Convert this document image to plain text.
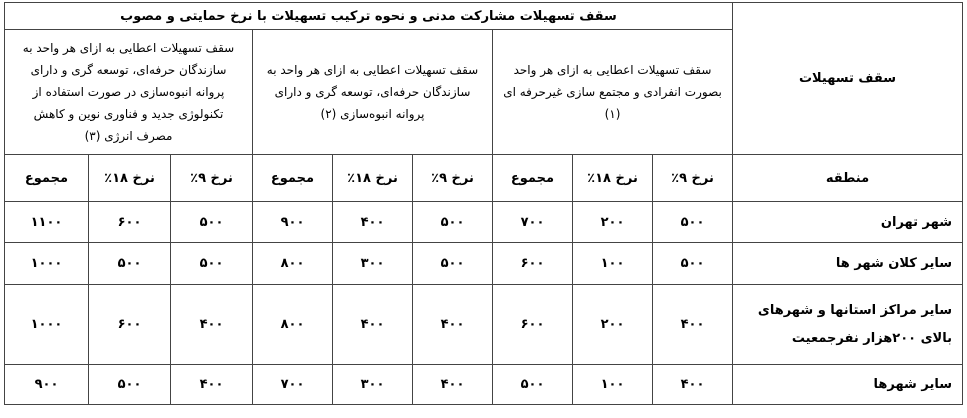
سقف تسهیلات	سقف تسهیلات مشارکت مدنی و نحوه ترکیب تسهیلات با نرخ حمایتی و مصوب								
	سقف تسهیلات اعطایی به ازای هر واحد بصورت انفرادی و مجتمع سازی غیرحرفه ای (۱)			سقف تسهیلات اعطایی به ازای هر واحد به سازندگان حرفه‌ای، توسعه گری و دارای پروانه انبوه‌سازی (۲)			سقف تسهیلات اعطایی به ازای هر واحد به سازندگان حرفه‌ای، توسعه گری و دارای پروانه انبوه‌سازی در صورت استفاده از تکنولوژی جدید و فناوری نوین و کاهش مصرف انرژی (۳)		
منطقه	نرخ ۹٪	نرخ ۱۸٪	مجموع	نرخ ۹٪	نرخ ۱۸٪	مجموع	نرخ ۹٪	نرخ ۱۸٪	مجموع
شهر تهران	۵۰۰	۲۰۰	۷۰۰	۵۰۰	۴۰۰	۹۰۰	۵۰۰	۶۰۰	۱۱۰۰
سایر کلان شهر ها	۵۰۰	۱۰۰	۶۰۰	۵۰۰	۳۰۰	۸۰۰	۵۰۰	۵۰۰	۱۰۰۰
سایر مراکز استانها و شهرهای بالای ۲۰۰هزار نفرجمعیت	۴۰۰	۲۰۰	۶۰۰	۴۰۰	۴۰۰	۸۰۰	۴۰۰	۶۰۰	۱۰۰۰
سایر شهرها	۴۰۰	۱۰۰	۵۰۰	۴۰۰	۳۰۰	۷۰۰	۴۰۰	۵۰۰	۹۰۰
